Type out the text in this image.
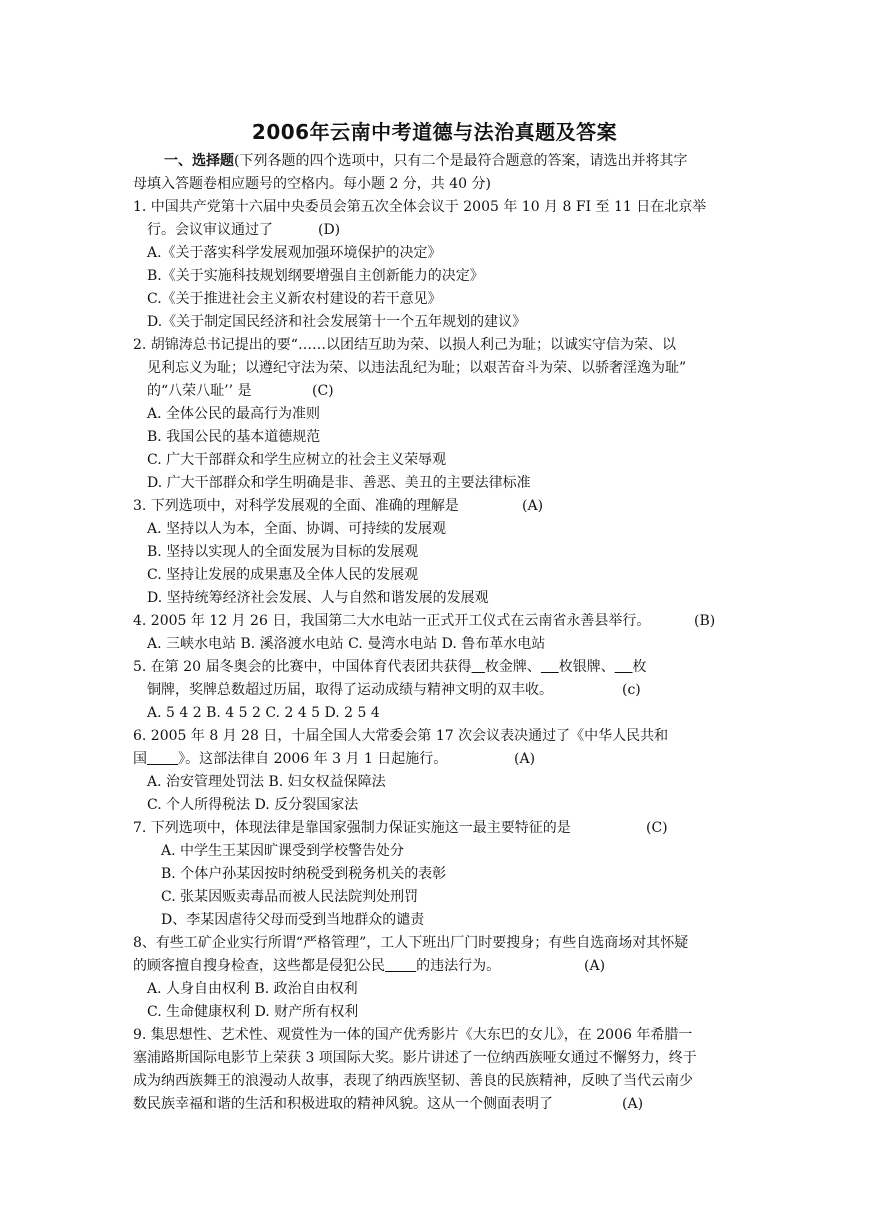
2006年云南中考道德与法治真题及答案
一、选择题(下列各题的四个选项中，只有二个是最符合题意的答案，请选出并将其字
母填入答题卷相应题号的空格内。每小题 2 分，共 40 分)
1. 中国共产党第十六届中央委员会第五次全体会议于 2005 年 10 月 8 FI 至 11 日在北京举
行。会议审议通过了	(D)
A.《关于落实科学发展观加强环境保护的决定》
B.《关于实施科技规划纲要增强自主创新能力的决定》
C.《关于推进社会主义新农村建设的若干意见》
D.《关于制定国民经济和社会发展第十一个五年规划的建议》
2. 胡锦涛总书记提出的要“……以团结互助为荣、以损人利己为耻；以诚实守信为荣、以
见利忘义为耻；以遵纪守法为荣、以违法乱纪为耻；以艰苦奋斗为荣、以骄奢淫逸为耻”
的“八荣八耻’’ 是	(C)
A. 全体公民的最高行为准则
B. 我国公民的基本道德规范
C. 广大干部群众和学生应树立的社会主义荣辱观
D. 广大干部群众和学生明确是非、善恶、美丑的主要法律标准
3. 下列选项中，对科学发展观的全面、准确的理解是	(A)
A. 坚持以人为本，全面、协调、可持续的发展观
B. 坚持以实现人的全面发展为目标的发展观
C. 坚持让发展的成果惠及全体人民的发展观
D. 坚持统筹经济社会发展、人与自然和谐发展的发展观
4. 2005 年 12 月 26 日，我国第二大水电站一正式开工仪式在云南省永善县举行。	(B)
A. 三峡水电站 B. 溪洛渡水电站 C. 曼湾水电站 D. 鲁布革水电站
5. 在第 20 届冬奥会的比赛中，中国体育代表团共获得 枚金牌、 枚银牌、 枚
铜牌，奖牌总数超过历届，取得了运动成绩与精神文明的双丰收。	(c)
A. 5 4 2 B. 4 5 2 C. 2 4 5 D. 2 5 4
6. 2005 年 8 月 28 日，十届全国人大常委会第 17 次会议表决通过了《中华人民共和
国 》。这部法律自 2006 年 3 月 1 日起施行。	(A)
A. 治安管理处罚法 B. 妇女权益保障法
C. 个人所得税法 D. 反分裂国家法
7. 下列选项中，体现法律是靠国家强制力保证实施这一最主要特征的是	(C)
A. 中学生王某因旷课受到学校警告处分
B. 个体户孙某因按时纳税受到税务机关的表彰
C. 张某因贩卖毒品而被人民法院判处刑罚
D、李某因虐待父母而受到当地群众的谴责
8、有些工矿企业实行所谓“严格管理”，工人下班出厂门时要搜身；有些自选商场对其怀疑
的顾客擅自搜身检查，这些都是侵犯公民 的违法行为。	(A)
A. 人身自由权利 B. 政治自由权利
C. 生命健康权利 D. 财产所有权利
9. 集思想性、艺术性、观赏性为一体的国产优秀影片《大东巴的女儿》，在 2006 年希腊一
塞浦路斯国际电影节上荣获 3 项国际大奖。影片讲述了一位纳西族哑女通过不懈努力，终于
成为纳西族舞王的浪漫动人故事，表现了纳西族坚韧、善良的民族精神，反映了当代云南少
数民族幸福和谐的生活和积极进取的精神风貌。这从一个侧面表明了	(A)
